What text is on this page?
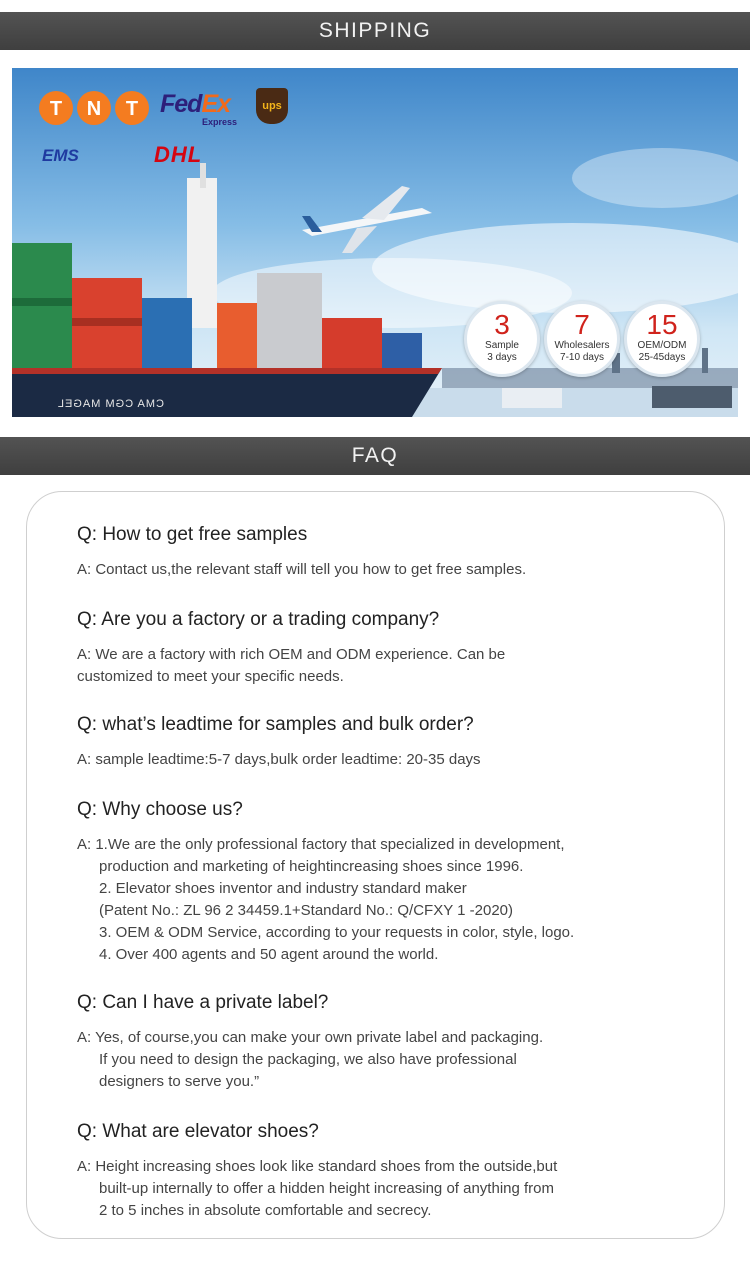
SHIPPING
T N T FedEx
Express
ups
EMS	DHL
CMA CGM MAGEL
3
Sample
3 days
7
Wholesalers
7-10 days
15
OEM/ODM
25-45days
FAQ
Q: How to get free samples
A: Contact us,the relevant staff will tell you how to get free samples.
Q: Are you a factory or a trading company?
A: We are a factory with rich OEM and ODM experience. Can be
customized to meet your specific needs.
Q: what’s leadtime for samples and bulk order?
A: sample leadtime:5-7 days,bulk order leadtime: 20-35 days
Q: Why choose us?
A: 1.We are the only professional factory that specialized in development,
production and marketing of heightincreasing shoes since 1996.
2. Elevator shoes inventor and industry standard maker
(Patent No.: ZL 96 2 34459.1+Standard No.: Q/CFXY 1 -2020)
3. OEM & ODM Service, according to your requests in color, style, logo.
4. Over 400 agents and 50 agent around the world.
Q: Can I have a private label?
A: Yes, of course,you can make your own private label and packaging.
If you need to design the packaging, we also have professional
designers to serve you.”
Q: What are elevator shoes?
A: Height increasing shoes look like standard shoes from the outside,but
built-up internally to offer a hidden height increasing of anything from
2 to 5 inches in absolute comfortable and secrecy.
